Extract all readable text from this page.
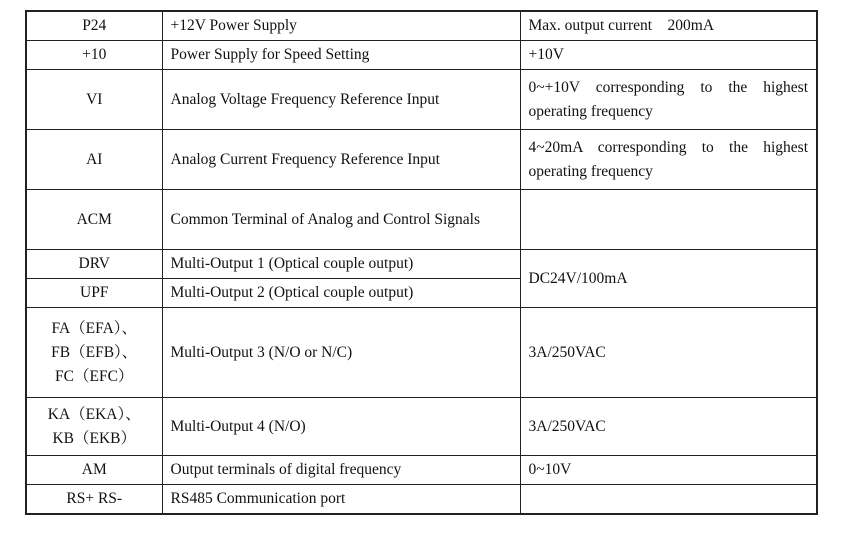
P24	+12V Power Supply	Max. output current    200mA
+10	Power Supply for Speed Setting	+10V
VI	Analog Voltage Frequency Reference Input	0~+10V corresponding to the highest operating frequency
AI	Analog Current Frequency Reference Input	4~20mA corresponding to the highest operating frequency
ACM	Common Terminal of Analog and Control Signals	
DRV	Multi-Output 1 (Optical couple output)	DC24V/100mA
UPF	Multi-Output 2 (Optical couple output)	

FA（EFA）、
FB（EFB）、
FC（EFC）	Multi-Output 3 (N/O or N/C)	3A/250VAC

KA（EKA）、
KB（EKB）	Multi-Output 4 (N/O)	3A/250VAC
AM	Output terminals of digital frequency	0~10V
RS+ RS-	RS485 Communication port	
